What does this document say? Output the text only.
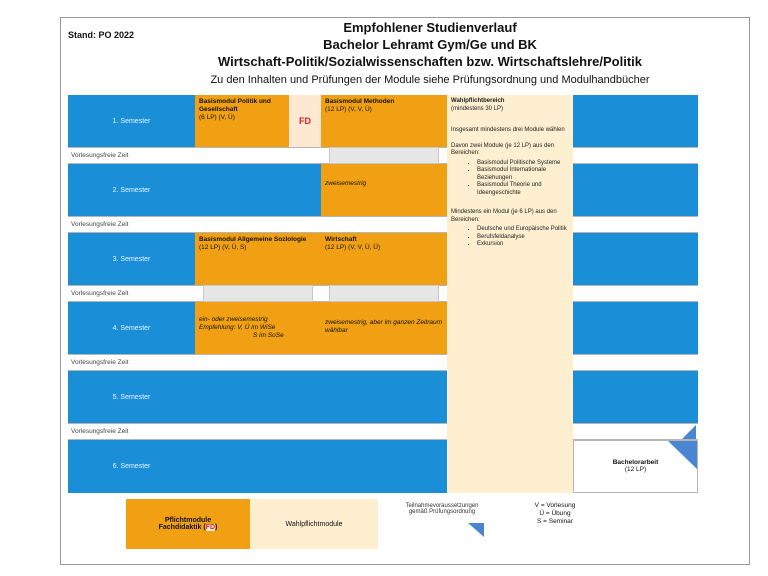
Stand: PO 2022	Empfohlener Studienverlauf
Bachelor Lehramt Gym/Ge und BK
Wirtschaft-Politik/Sozialwissenschaften bzw. Wirtschaftslehre/Politik
Zu den Inhalten und Prüfungen der Module siehe Prüfungsordnung und Modulhandbücher
1. Semester
Vorlesungsfreie Zeit
2. Semester
Vorlesungsfreie Zeit
3. Semester
Vorlesungsfreie Zeit
4. Semester
Vorlesungsfreie Zeit
5. Semester
Vorlesungsfreie Zeit
6. Semester
Basismodul Politik und Gesellschaft
(6 LP) (V, Ü)	FD
Basismodul Allgemeine Soziologie
(12 LP) (V, Ü, S)
ein- oder zweisemestrig
Empfehlung: V, Ü im WiSe
S im SoSe
Basismodul Methoden
(12 LP) (V, V, Ü)
zweisemestrig
Wirtschaft
(12 LP) (V, V, Ü, Ü)
zweisemestrig, aber im ganzen Zeitraum wählbar
Wahlpflichtbereich
(mindestens 30 LP)

Insgesamt mindestens drei Module wählen

Davon zwei Module (je 12 LP) aus den Bereichen:

• Basismodul Politische Systeme
• Basismodul Internationale Beziehungen
• Basismodul Theorie und Ideengeschichte

Mindestens ein Modul (je 6 LP) aus den Bereichen:

• Deutsche und Europäische Politik
• Berufsfeldanalyse
• Exkursion
Bachelorarbeit
(12 LP)
Pflichtmodule
Fachdidaktik (FD)	Wahlpflichtmodule
Teilnahmevoraussetzungen gemäß Prüfungsordnung
V = Vorlesung
Ü = Übung
S = Seminar
